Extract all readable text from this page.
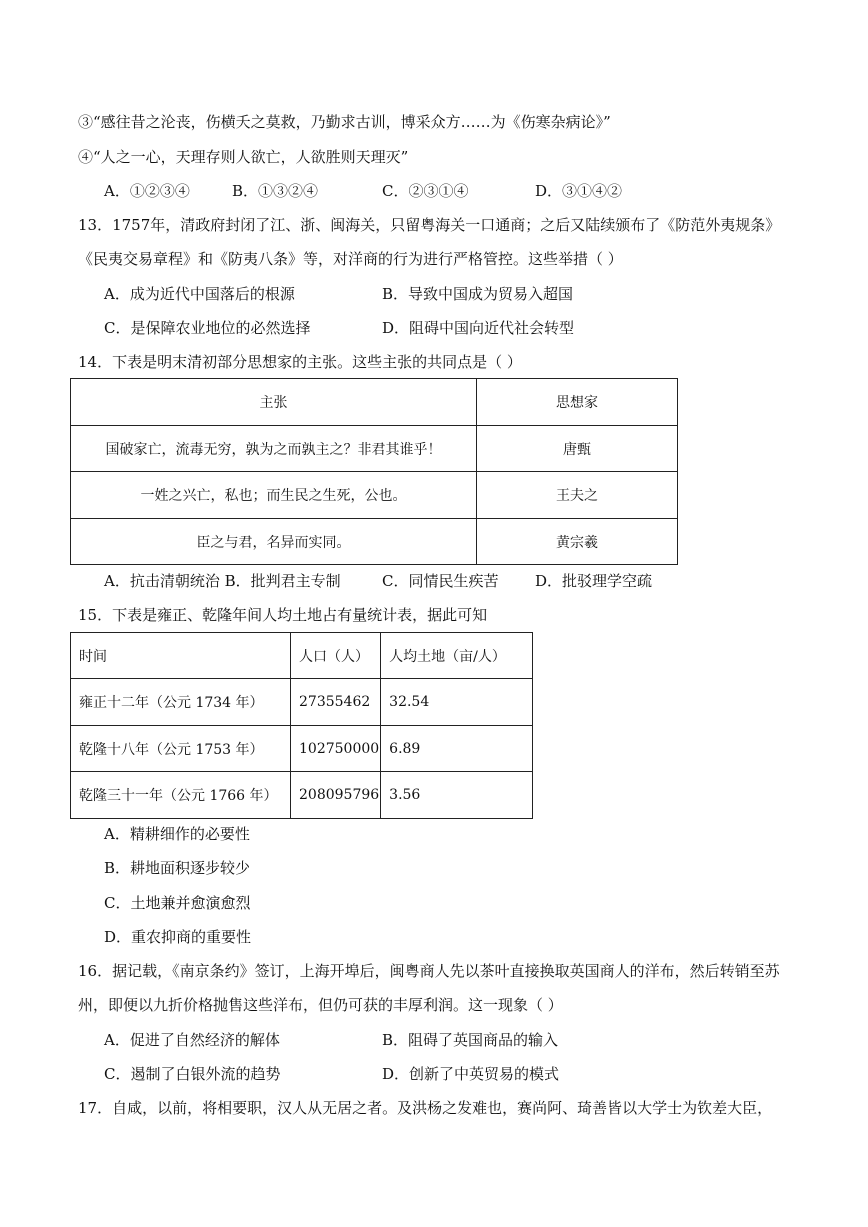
③“感往昔之沦丧，伤横夭之莫救，乃勤求古训，博采众方……为《伤寒杂病论》”
④“人之一心，天理存则人欲亡，人欲胜则天理灭”
A．①②③④	B．①③②④	C．②③①④	D．③①④②
13．1757年，清政府封闭了江、浙、闽海关，只留粤海关一口通商；之后又陆续颁布了《防范外夷规条》
《民夷交易章程》和《防夷八条》等，对洋商的行为进行严格管控。这些举措（ ）
A．成为近代中国落后的根源	B．导致中国成为贸易入超国
C．是保障农业地位的必然选择	D．阻碍中国向近代社会转型
14．下表是明末清初部分思想家的主张。这些主张的共同点是（ ）
主张	思想家
国破家亡，流毒无穷，孰为之而孰主之？非君其谁乎！	唐甄
一姓之兴亡，私也；而生民之生死，公也。	王夫之
臣之与君，名异而实同。	黄宗羲
A．抗击清朝统治 B．批判君主专制	C．同情民生疾苦 D．批驳理学空疏
15．下表是雍正、乾隆年间人均土地占有量统计表，据此可知
时间	人口（人）	人均土地（亩/人）
雍正十二年（公元 1734 年）	27355462	32.54
乾隆十八年（公元 1753 年）	102750000	6.89
乾隆三十一年（公元 1766 年）	208095796	3.56
A．精耕细作的必要性
B．耕地面积逐步较少
C．土地兼并愈演愈烈
D．重农抑商的重要性
16．据记载，《南京条约》签订，上海开埠后，闽粤商人先以茶叶直接换取英国商人的洋布，然后转销至苏
州，即便以九折价格抛售这些洋布，但仍可获的丰厚利润。这一现象（ ）
A．促进了自然经济的解体	B．阻碍了英国商品的输入
C．遏制了白银外流的趋势	D．创新了中英贸易的模式
17．自咸，以前，将相要职，汉人从无居之者。及洪杨之发难也，赛尚阿、琦善皆以大学士为钦差大臣，
